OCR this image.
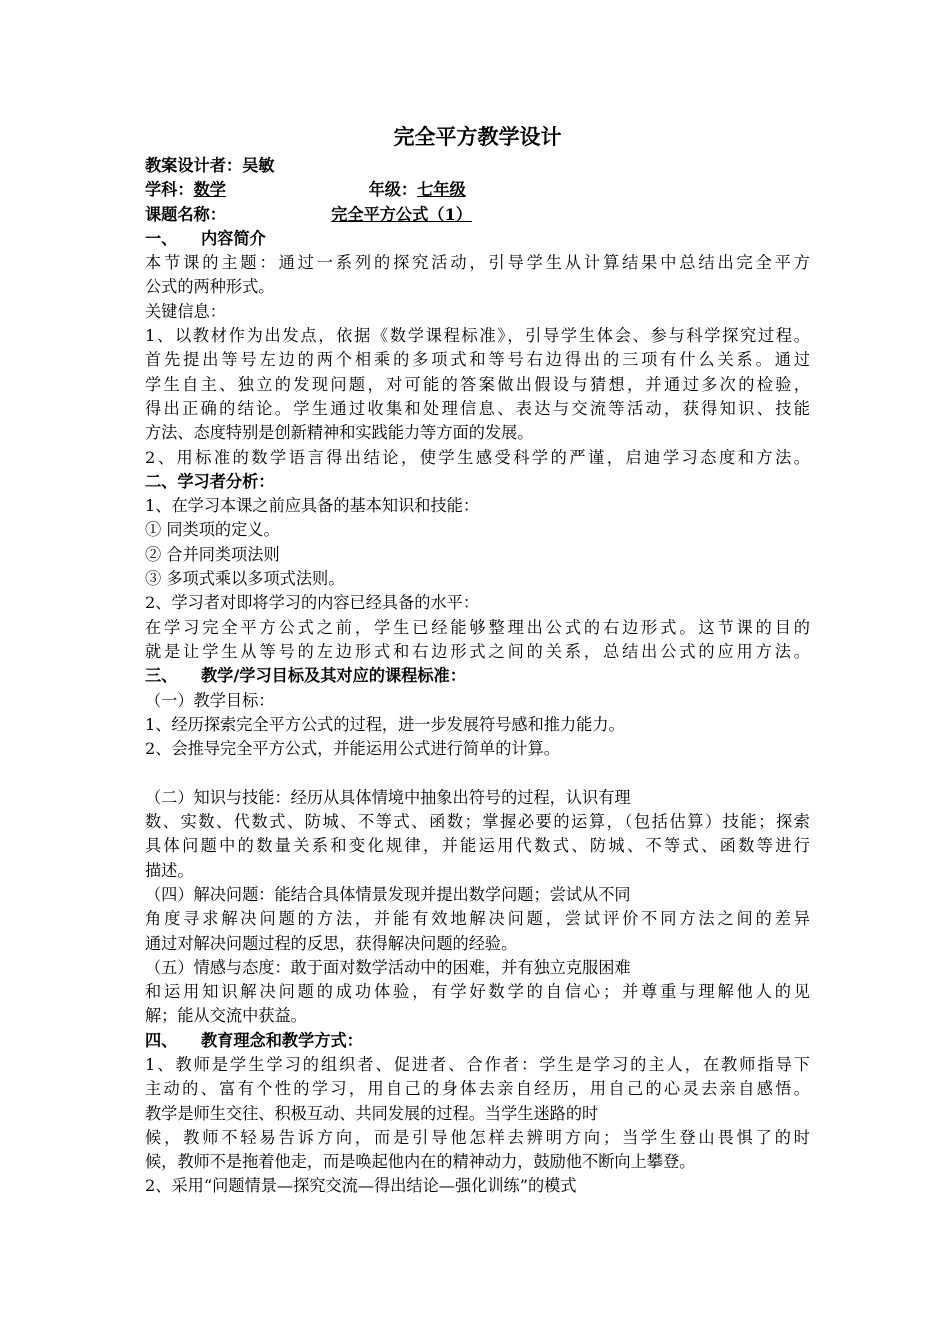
完全平方教学设计
教案设计者：吴敏
学科：数学	年级：七年级
课题名称：	完全平方公式（1）
一、 内容简介
本节课的主题：通过一系列的探究活动，引导学生从计算结果中总结出完全平方
公式的两种形式。
关键信息：
1、以教材作为出发点，依据《数学课程标准》，引导学生体会、参与科学探究过程。
首先提出等号左边的两个相乘的多项式和等号右边得出的三项有什么关系。通过
学生自主、独立的发现问题，对可能的答案做出假设与猜想，并通过多次的检验，
得出正确的结论。学生通过收集和处理信息、表达与交流等活动，获得知识、技能
方法、态度特别是创新精神和实践能力等方面的发展。
2、用标准的数学语言得出结论，使学生感受科学的严谨，启迪学习态度和方法。
二、学习者分析：
1、在学习本课之前应具备的基本知识和技能：
① 同类项的定义。
② 合并同类项法则
③ 多项式乘以多项式法则。
2、学习者对即将学习的内容已经具备的水平：
在学习完全平方公式之前，学生已经能够整理出公式的右边形式。这节课的目的
就是让学生从等号的左边形式和右边形式之间的关系，总结出公式的应用方法。
三、 教学/学习目标及其对应的课程标准：
（一）教学目标：
1、经历探索完全平方公式的过程，进一步发展符号感和推力能力。
2、会推导完全平方公式，并能运用公式进行简单的计算。
（二）知识与技能：经历从具体情境中抽象出符号的过程，认识有理
数、实数、代数式、防城、不等式、函数；掌握必要的运算，（包括估算）技能；探索
具体问题中的数量关系和变化规律，并能运用代数式、防城、不等式、函数等进行
描述。
（四）解决问题：能结合具体情景发现并提出数学问题；尝试从不同
角度寻求解决问题的方法，并能有效地解决问题，尝试评价不同方法之间的差异
通过对解决问题过程的反思，获得解决问题的经验。
（五）情感与态度：敢于面对数学活动中的困难，并有独立克服困难
和运用知识解决问题的成功体验，有学好数学的自信心；并尊重与理解他人的见
解；能从交流中获益。
四、 教育理念和教学方式：
1、教师是学生学习的组织者、促进者、合作者：学生是学习的主人，在教师指导下
主动的、富有个性的学习，用自己的身体去亲自经历，用自己的心灵去亲自感悟。
教学是师生交往、积极互动、共同发展的过程。当学生迷路的时
候，教师不轻易告诉方向，而是引导他怎样去辨明方向；当学生登山畏惧了的时
候，教师不是拖着他走，而是唤起他内在的精神动力，鼓励他不断向上攀登。
2、采用“问题情景—探究交流—得出结论—强化训练”的模式
